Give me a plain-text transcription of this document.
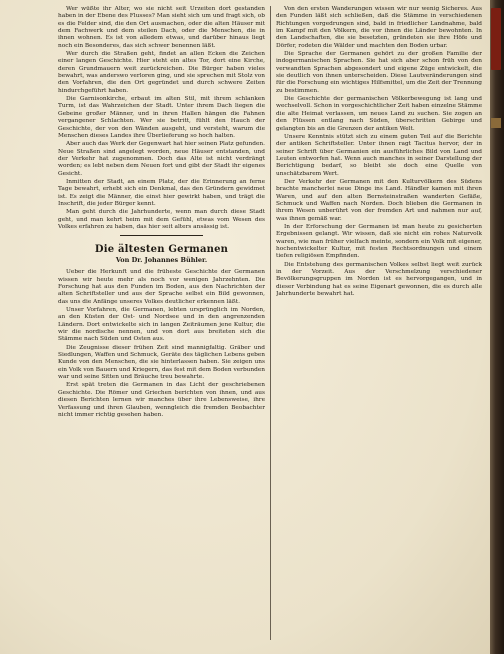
Wer wüßte ihr Alter, wo sie nicht seit Urzeiten dort gestanden haben in der Ebene des Flusses? Man sieht sich um und fragt sich, ob es die Felder sind, die den Ort ausmachen, oder die alten Häuser mit dem Fachwerk und dem steilen Dach, oder die Menschen, die in ihnen wohnen. Es ist von alledem etwas, und darüber hinaus liegt noch ein Besonderes, das sich schwer benennen läßt.

Wer durch die Straßen geht, findet an allen Ecken die Zeichen einer langen Geschichte. Hier steht ein altes Tor, dort eine Kirche, deren Grundmauern weit zurückreichen. Die Bürger haben vieles bewahrt, was anderswo verloren ging, und sie sprechen mit Stolz von den Vorfahren, die den Ort gegründet und durch schwere Zeiten hindurchgeführt haben.

Die Garnisonkirche, erbaut im alten Stil, mit ihrem schlanken Turm, ist das Wahrzeichen der Stadt. Unter ihrem Dach liegen die Gebeine großer Männer, und in ihren Hallen hängen die Fahnen vergangener Schlachten. Wer sie betritt, fühlt den Hauch der Geschichte, der von den Wänden ausgeht, und versteht, warum die Menschen dieses Landes ihre Überlieferung so hoch halten.

Aber auch das Werk der Gegenwart hat hier seinen Platz gefunden. Neue Straßen sind angelegt worden, neue Häuser entstanden, und der Verkehr hat zugenommen. Doch das Alte ist nicht verdrängt worden; es lebt neben dem Neuen fort und gibt der Stadt ihr eigenes Gesicht.

Inmitten der Stadt, an einem Platz, der die Erinnerung an ferne Tage bewahrt, erhebt sich ein Denkmal, das den Gründern gewidmet ist. Es zeigt die Männer, die einst hier gewirkt haben, und trägt die Inschrift, die jeder Bürger kennt.

Man geht durch die Jahrhunderte, wenn man durch diese Stadt geht, und man kehrt heim mit dem Gefühl, etwas vom Wesen des Volkes erfahren zu haben, das hier seit alters ansässig ist.

Die ältesten Germanen
Von Dr. Johannes Bühler.

Ueber die Herkunft und die früheste Geschichte der Germanen wissen wir heute mehr als noch vor wenigen Jahrzehnten. Die Forschung hat aus den Funden im Boden, aus den Nachrichten der alten Schriftsteller und aus der Sprache selbst ein Bild gewonnen, das uns die Anfänge unseres Volkes deutlicher erkennen läßt.

Unser Vorfahren, die Germanen, lebten ursprünglich im Norden, an den Küsten der Ost- und Nordsee und in den angrenzenden Ländern. Dort entwickelte sich in langen Zeiträumen jene Kultur, die wir die nordische nennen, und von dort aus breiteten sich die Stämme nach Süden und Osten aus.

Die Zeugnisse dieser frühen Zeit sind mannigfaltig. Gräber und Siedlungen, Waffen und Schmuck, Geräte des täglichen Lebens geben Kunde von den Menschen, die sie hinterlassen haben. Sie zeigen uns ein Volk von Bauern und Kriegern, das fest mit dem Boden verbunden war und seine Sitten und Bräuche treu bewahrte.

Erst spät treten die Germanen in das Licht der geschriebenen Geschichte. Die Römer und Griechen berichten von ihnen, und aus diesen Berichten lernen wir manches über ihre Lebensweise, ihre Verfassung und ihren Glauben, wenngleich die fremden Beobachter nicht immer richtig gesehen haben.

Von den ersten Wanderungen wissen wir nur wenig Sicheres. Aus den Funden läßt sich schließen, daß die Stämme in verschiedenen Richtungen vorgedrungen sind, bald in friedlicher Landnahme, bald im Kampf mit den Völkern, die vor ihnen die Länder bewohnten. In den Landschaften, die sie besetzten, gründeten sie ihre Höfe und Dörfer, rodeten die Wälder und machten den Boden urbar.

Die Sprache der Germanen gehört zu der großen Familie der indogermanischen Sprachen. Sie hat sich aber schon früh von den verwandten Sprachen abgesondert und eigene Züge entwickelt, die sie deutlich von ihnen unterscheiden. Diese Lautveränderungen sind für die Forschung ein wichtiges Hilfsmittel, um die Zeit der Trennung zu bestimmen.

Die Geschichte der germanischen Völkerbewegung ist lang und wechselvoll. Schon in vorgeschichtlicher Zeit haben einzelne Stämme die alte Heimat verlassen, um neues Land zu suchen. Sie zogen an den Flüssen entlang nach Süden, überschritten Gebirge und gelangten bis an die Grenzen der antiken Welt.

Unsere Kenntnis stützt sich zu einem guten Teil auf die Berichte der antiken Schriftsteller. Unter ihnen ragt Tacitus hervor, der in seiner Schrift über Germanien ein ausführliches Bild von Land und Leuten entworfen hat. Wenn auch manches in seiner Darstellung der Berichtigung bedarf, so bleibt sie doch eine Quelle von unschätzbarem Wert.

Der Verkehr der Germanen mit den Kulturvölkern des Südens brachte mancherlei neue Dinge ins Land. Händler kamen mit ihren Waren, und auf den alten Bernsteinstraßen wanderten Gefäße, Schmuck und Waffen nach Norden. Doch blieben die Germanen in ihrem Wesen unberührt von der fremden Art und nahmen nur auf, was ihnen gemäß war.

In der Erforschung der Germanen ist man heute zu gesicherten Ergebnissen gelangt. Wir wissen, daß sie nicht ein rohes Naturvolk waren, wie man früher vielfach meinte, sondern ein Volk mit eigener, hochentwickelter Kultur, mit festen Rechtsordnungen und einem tiefen religiösen Empfinden.

Die Entstehung des germanischen Volkes selbst liegt weit zurück in der Vorzeit. Aus der Verschmelzung verschiedener Bevölkerungsgruppen im Norden ist es hervorgegangen, und in dieser Verbindung hat es seine Eigenart gewonnen, die es durch alle Jahrhunderte bewahrt hat.
